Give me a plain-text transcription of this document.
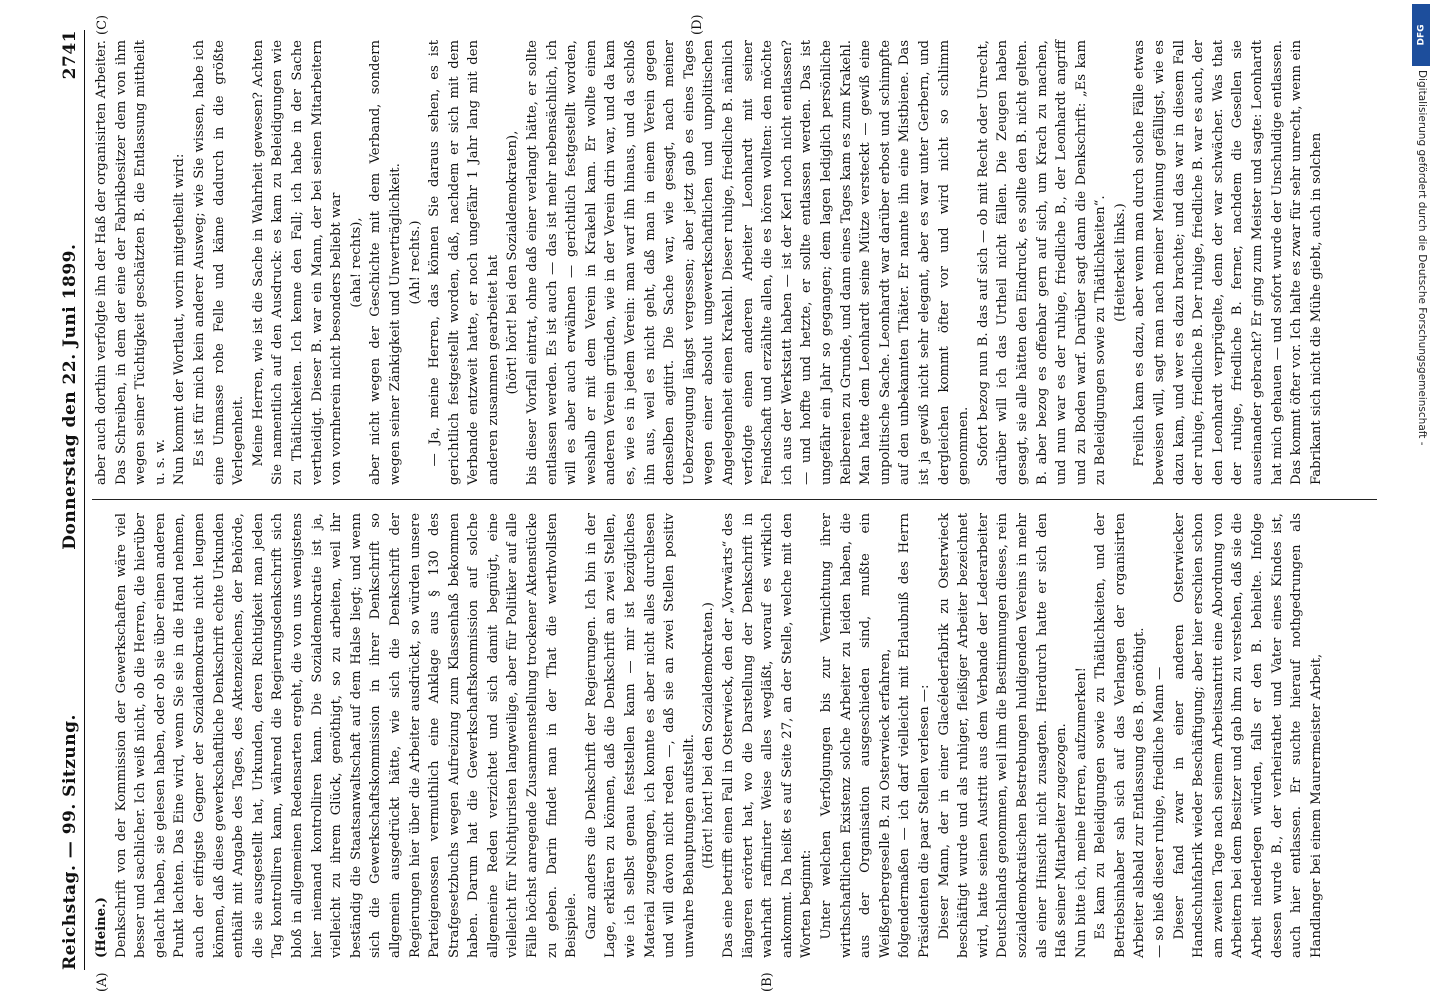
Reichstag. — 99. Sitzung.
Donnerstag den 22. Juni 1899.
2741
(A)	(B)
(C)	(D)

(Heine.) Denkschrift von der Kommission der Gewerkschaften wäre viel besser und sachlicher. Ich weiß nicht, ob die Herren, die hierüber gelacht haben, sie gelesen haben, oder ob sie über einen anderen Punkt lachten. Das Eine wird, wenn Sie sie in die Hand nehmen, auch der eifrigste Gegner der Sozialdemokratie nicht leugnen können, daß diese gewerkschaftliche Denkschrift echte Urkunden enthält mit Angabe des Tages, des Aktenzeichens, der Behörde, die sie ausgestellt hat, Urkunden, deren Richtigkeit man jeden Tag kontrolliren kann, während die Regierungsdenkschrift sich bloß in allgemeinen Redensarten ergeht, die von uns wenigstens hier niemand kontrolliren kann. Die Sozialdemokratie ist ja, vielleicht zu ihrem Glück, genöthigt, so zu arbeiten, weil ihr beständig die Staatsanwaltschaft auf dem Halse liegt; und wenn sich die Gewerkschaftskommission in ihrer Denkschrift so allgemein ausgedrückt hätte, wie sich die Denkschrift der Regierungen hier über die Arbeiter ausdrückt, so würden unsere Parteigenossen vermuthlich eine Anklage aus § 130 des Strafgesetzbuchs wegen Aufreizung zum Klassenhaß bekommen haben. Darum hat die Gewerkschaftskommission auf solche allgemeine Reden verzichtet und sich damit begnügt, eine vielleicht für Nichtjuristen langweilige, aber für Politiker auf alle Fälle höchst anregende Zusammenstellung trockener Aktenstücke zu geben. Darin findet man in der That die werthvollsten Beispiele. Ganz anders die Denkschrift der Regierungen. Ich bin in der Lage, erklären zu können, daß die Denkschrift an zwei Stellen, wie ich selbst genau feststellen kann — mir ist bezügliches Material zugegangen, ich konnte es aber nicht alles durchlesen und will davon nicht reden —, daß sie an zwei Stellen positiv unwahre Behauptungen aufstellt. (Hört! hört! bei den Sozialdemokraten.) Das eine betrifft einen Fall in Osterwieck, den der „Vorwärts“ des längeren erörtert hat, wo die Darstellung der Denkschrift in wahrhaft raffinirter Weise alles wegläßt, worauf es wirklich ankommt. Da heißt es auf Seite 27, an der Stelle, welche mit den Worten beginnt: Unter welchen Verfolgungen bis zur Vernichtung ihrer wirthschaftlichen Existenz solche Arbeiter zu leiden haben, die aus der Organisation ausgeschieden sind, mußte ein Weißgerbergeselle B. zu Osterwieck erfahren, folgendermaßen — ich darf vielleicht mit Erlaubniß des Herrn Präsidenten die paar Stellen verlesen —: Dieser Mann, der in einer Glacélederfabrik zu Osterwieck beschäftigt wurde und als ruhiger, fleißiger Arbeiter bezeichnet wird, hatte seinen Austritt aus dem Verbande der Lederarbeiter Deutschlands genommen, weil ihm die Bestimmungen dieses, rein sozialdemokratischen Bestrebungen huldigenden Vereins in mehr als einer Hinsicht nicht zusagten. Hierdurch hatte er sich den Haß seiner Mitarbeiter zugezogen. Nun bitte ich, meine Herren, aufzumerken! Es kam zu Beleidigungen sowie zu Thätlichkeiten, und der Betriebsinhaber sah sich auf das Verlangen der organisirten Arbeiter alsbald zur Entlassung des B. genöthigt. — so hieß dieser ruhige, friedliche Mann — Dieser fand zwar in einer anderen Osterwiecker Handschuhfabrik wieder Beschäftigung; aber hier erschien schon am zweiten Tage nach seinem Arbeitsantritt eine Abordnung von Arbeitern bei dem Besitzer und gab ihm zu verstehen, daß sie die Arbeit niederlegen würden, falls er den B. behielte. Infolge dessen wurde B., der verheirathet und Vater eines Kindes ist, auch hier entlassen. Er suchte hierauf nothgedrungen als Handlanger bei einem Maurermeister Arbeit,

aber auch dorthin verfolgte ihn der Haß der organisirten Arbeiter. Das Schreiben, in dem der eine der Fabrikbesitzer dem von ihm wegen seiner Tüchtigkeit geschätzten B. die Entlassung mittheilt u. s. w. Nun kommt der Wortlaut, worin mitgetheilt wird: Es ist für mich kein anderer Ausweg; wie Sie wissen, habe ich eine Unmasse rohe Felle und käme dadurch in die größte Verlegenheit. Meine Herren, wie ist die Sache in Wahrheit gewesen? Achten Sie namentlich auf den Ausdruck: es kam zu Beleidigungen wie zu Thätlichkeiten. Ich kenne den Fall; ich habe in der Sache vertheidigt. Dieser B. war ein Mann, der bei seinen Mitarbeitern von vornherein nicht besonders beliebt war (aha! rechts), aber nicht wegen der Geschichte mit dem Verband, sondern wegen seiner Zänkigkeit und Unverträglichkeit. (Ah! rechts.) — Ja, meine Herren, das können Sie daraus sehen, es ist gerichtlich festgestellt worden, daß, nachdem er sich mit dem Verbande entzweit hatte, er noch ungefähr 1 Jahr lang mit den anderen zusammen gearbeitet hat (hört! hört! bei den Sozialdemokraten), bis dieser Vorfall eintrat, ohne daß einer verlangt hätte, er sollte entlassen werden. Es ist auch — das ist mehr nebensächlich, ich will es aber auch erwähnen — gerichtlich festgestellt worden, weshalb er mit dem Verein in Krakehl kam. Er wollte einen anderen Verein gründen, wie in der Verein drin war, und da kam es, wie es in jedem Verein: man warf ihn hinaus, und da schloß ihn aus, weil es nicht geht, daß man in einem Verein gegen denselben agitirt. Die Sache war, wie gesagt, nach meiner Ueberzeugung längst vergessen; aber jetzt gab es eines Tages wegen einer absolut ungewerkschaftlichen und unpolitischen Angelegenheit einen Krakehl. Dieser ruhige, friedliche B. nämlich verfolgte einen anderen Arbeiter Leonhardt mit seiner Feindschaft und erzählte allen, die es hören wollten: den möchte ich aus der Werkstatt haben — ist der Kerl noch nicht entlassen? — und hoffte und hetzte, er sollte entlassen werden. Das ist ungefähr ein Jahr so gegangen; dem lagen lediglich persönliche Reibereien zu Grunde, und dann eines Tages kam es zum Krakehl. Man hatte dem Leonhardt seine Mütze versteckt — gewiß eine unpolitische Sache. Leonhardt war darüber erbost und schimpfte auf den unbekannten Thäter. Er nannte ihn eine Mistbiene. Das ist ja gewiß nicht sehr elegant, aber es war unter Gerbern, und dergleichen kommt öfter vor und wird nicht so schlimm genommen. Sofort bezog nun B. das auf sich — ob mit Recht oder Unrecht, darüber will ich das Urtheil nicht fällen. Die Zeugen haben gesagt, sie alle hätten den Eindruck, es sollte den B. nicht gelten. B. aber bezog es offenbar gern auf sich, um Krach zu machen, und nun war es der ruhige, friedliche B., der Leonhardt angriff und zu Boden warf. Darüber sagt dann die Denkschrift: „Es kam zu Beleidigungen sowie zu Thätlichkeiten“. (Heiterkeit links.) Freilich kam es dazu, aber wenn man durch solche Fälle etwas beweisen will, sagt man nach meiner Meinung gefälligst, wie es dazu kam, und wer es dazu brachte; und das war in diesem Fall der ruhige, friedliche B. Der ruhige, friedliche B. war es auch, der den Leonhardt verprügelte, denn der war schwächer. Was that der ruhige, friedliche B. ferner, nachdem die Gesellen sie auseinander gebracht? Er ging zum Meister und sagte: Leonhardt hat mich gehauen — und sofort wurde der Unschuldige entlassen. Das kommt öfter vor. Ich halte es zwar für sehr unrecht, wenn ein Fabrikant sich nicht die Mühe giebt, auch in solchen

DFG
Digitalisierung gefördert durch die Deutsche Forschungsgemeinschaft -
